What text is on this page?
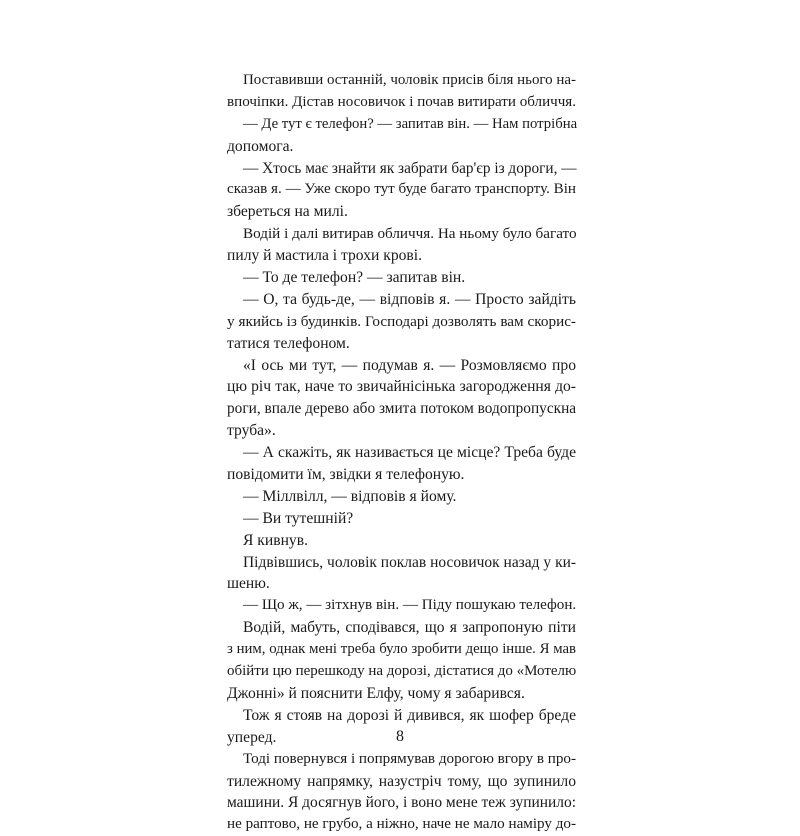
Поставивши останній, чоловік присів біля нього на-
впочіпки. Дістав носовичок і почав витирати обличчя.
— Де тут є телефон? — запитав він. — Нам потрібна
допомога.
— Хтось має знайти як забрати бар'єр із дороги, —
сказав я. — Уже скоро тут буде багато транспорту. Він
збереться на милі.
Водій і далі витирав обличчя. На ньому було багато
пилу й мастила і трохи крові.
— То де телефон? — запитав він.
— О, та будь-де, — відповів я. — Просто зайдіть
у якийсь із будинків. Господарі дозволять вам скорис-
татися телефоном.
«І ось ми тут, — подумав я. — Розмовляємо про
цю річ так, наче то звичайнісінька загородження до-
роги, впале дерево або змита потоком водопропускна
труба».
— А скажіть, як називається це місце? Треба буде
повідомити їм, звідки я телефоную.
— Міллвілл, — відповів я йому.
— Ви тутешній?
Я кивнув.
Підвівшись, чоловік поклав носовичок назад у ки-
шеню.
— Що ж, — зітхнув він. — Піду пошукаю телефон.
Водій, мабуть, сподівався, що я запропоную піти
з ним, однак мені треба було зробити дещо інше. Я мав
обійти цю перешкоду на дорозі, дістатися до «Мотелю
Джонні» й пояснити Елфу, чому я забарився.
Тож я стояв на дорозі й дивився, як шофер бреде
уперед.
Тоді повернувся і попрямував дорогою вгору в про-
тилежному напрямку, назустріч тому, що зупинило
машини. Я досягнув його, і воно мене теж зупинило:
не раптово, не грубо, а ніжно, наче не мало наміру до-
8
